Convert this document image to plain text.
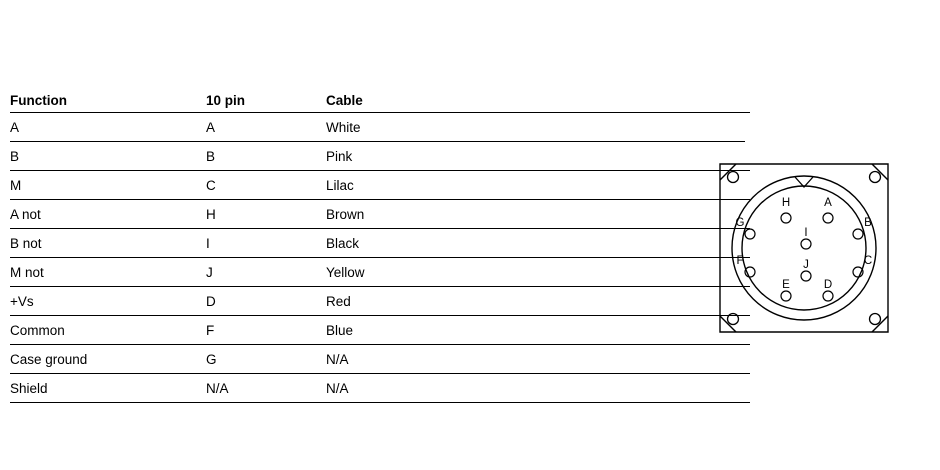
Function	10 pin	Cable
A	A	White
B	B	Pink
M	C	Lilac
A not	H	Brown
B not	I	Black
M not	J	Yellow
+Vs	D	Red
Common	F	Blue
Case ground	G	N/A
Shield	N/A	N/A
A
B
C
D
E
F
G
H
I
J
